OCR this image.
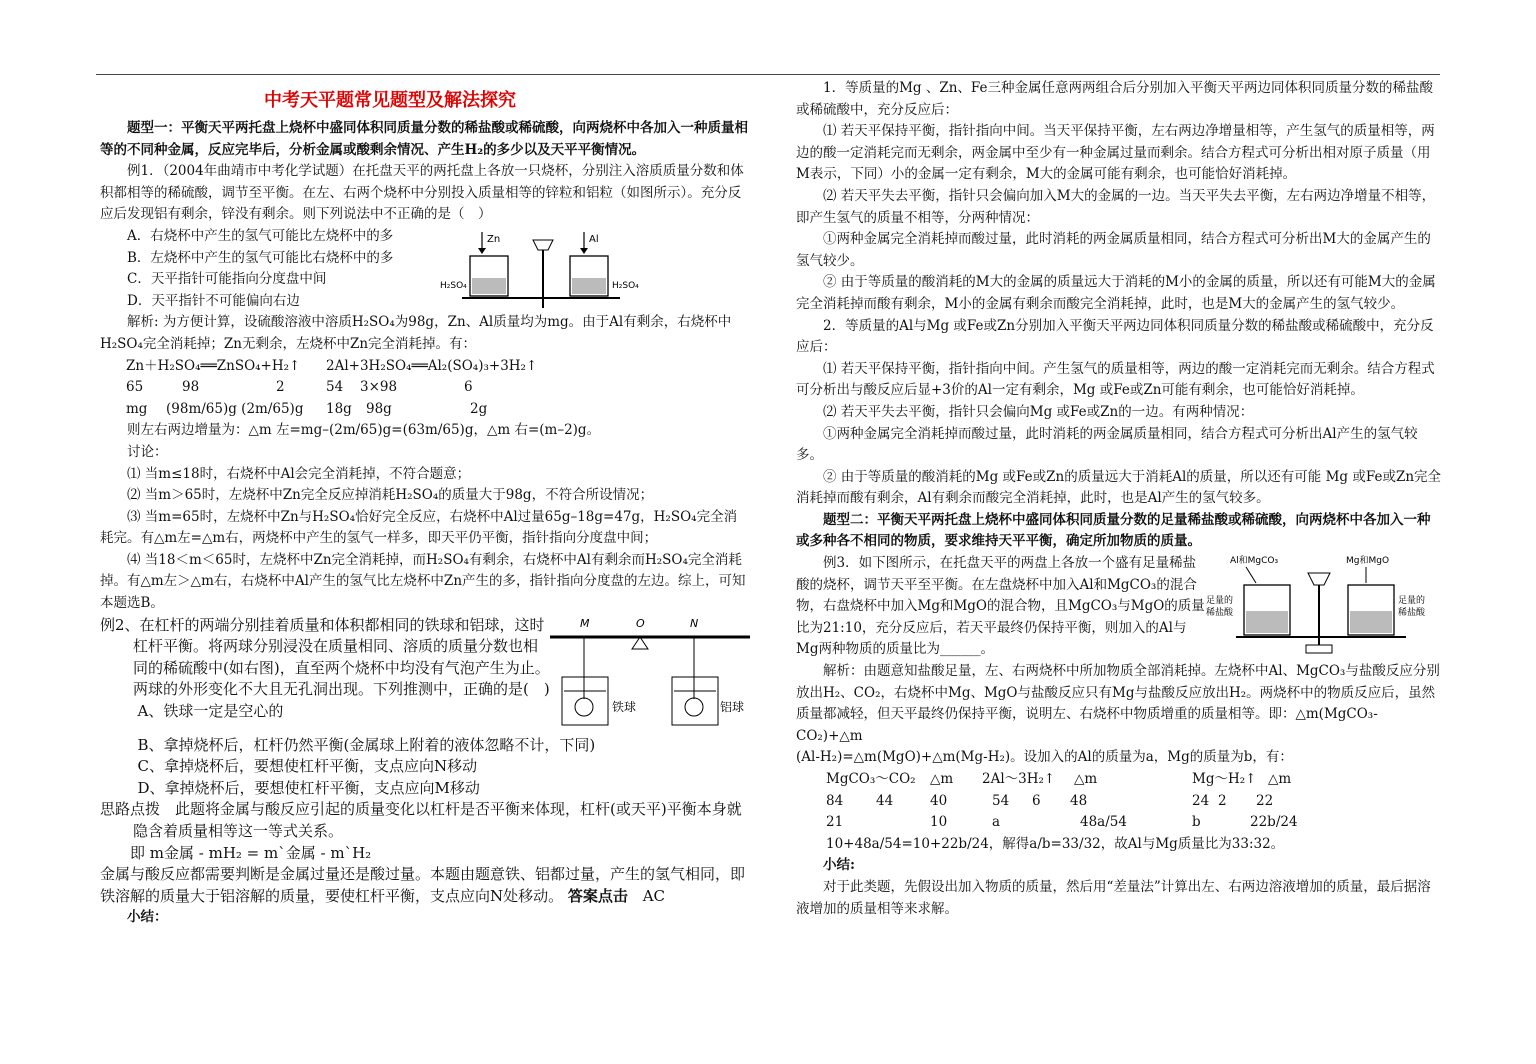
中考天平题常见题型及解法探究

题型一：平衡天平两托盘上烧杯中盛同体积同质量分数的稀盐酸或稀硫酸，向两烧杯中各加入一种质量相等的不同种金属，反应完毕后，分析金属或酸剩余情况、产生H₂的多少以及天平平衡情况。

例1．（2004年曲靖市中考化学试题）在托盘天平的两托盘上各放一只烧杯，分别注入溶质质量分数和体积都相等的稀硫酸，调节至平衡。在左、右两个烧杯中分别投入质量相等的锌粒和铝粒（如图所示）。充分反应后发现铝有剩余，锌没有剩余。则下列说法中不正确的是（　）

A．右烧杯中产生的氢气可能比左烧杯中的多

B．左烧杯中产生的氢气可能比右烧杯中的多

C．天平指针可能指向分度盘中间

D．天平指针不可能偏向右边

Zn	Al
H₂SO₄	H₂SO₄

解析: 为方便计算，设硫酸溶液中溶质H₂SO₄为98g，Zn、Al质量均为mg。由于Al有剩余，右烧杯中H₂SO₄完全消耗掉；Zn无剩余，左烧杯中Zn完全消耗掉。有：

Zn＋H₂SO₄══ZnSO₄+H₂↑	2Al+3H₂SO₄══Al₂(SO₄)₃+3H₂↑
65	98	2	54	3×98	6
mg	(98m/65)g (2m/65)g	18g	98g	2g

则左右两边增量为：△m 左=mg–(2m/65)g=(63m/65)g，△m 右=(m–2)g。

讨论：

⑴ 当m≤18时，右烧杯中Al会完全消耗掉，不符合题意；

⑵ 当m＞65时，左烧杯中Zn完全反应掉消耗H₂SO₄的质量大于98g，不符合所设情况；

⑶ 当m=65时，左烧杯中Zn与H₂SO₄恰好完全反应，右烧杯中Al过量65g–18g=47g，H₂SO₄完全消耗完。有△m左=△m右，两烧杯中产生的氢气一样多，即天平仍平衡，指针指向分度盘中间；

⑷ 当18＜m＜65时，左烧杯中Zn完全消耗掉，而H₂SO₄有剩余，右烧杯中Al有剩余而H₂SO₄完全消耗掉。有△m左＞△m右，右烧杯中Al产生的氢气比左烧杯中Zn产生的多，指针指向分度盘的左边。综上，可知本题选B。

例2、在杠杆的两端分别挂着质量和体积都相同的铁球和铝球，这时杠杆平衡。将两球分别浸没在质量相同、溶质的质量分数也相同的稀硫酸中(如右图)，直至两个烧杯中均没有气泡产生为止。两球的外形变化不大且无孔洞出现。下列推测中，正确的是(　)

A、铁球一定是空心的

M	O	N
铁球	铝球

B、拿掉烧杯后，杠杆仍然平衡(金属球上附着的液体忽略不计，下同)

C、拿掉烧杯后，要想使杠杆平衡，支点应向N移动

D、拿掉烧杯后，要想使杠杆平衡，支点应向M移动

思路点拨　此题将金属与酸反应引起的质量变化以杠杆是否平衡来体现，杠杆(或天平)平衡本身就隐含着质量相等这一等式关系。

即 m金属 - mH₂ = m`金属 - m`H₂

金属与酸反应都需要判断是金属过量还是酸过量。本题由题意铁、铝都过量，产生的氢气相同，即铁溶解的质量大于铝溶解的质量，要使杠杆平衡，支点应向N处移动。 答案点击 AC

小结：

1．等质量的Mg 、Zn、Fe三种金属任意两两组合后分别加入平衡天平两边同体积同质量分数的稀盐酸或稀硫酸中，充分反应后：

⑴ 若天平保持平衡，指针指向中间。当天平保持平衡，左右两边净增量相等，产生氢气的质量相等，两边的酸一定消耗完而无剩余，两金属中至少有一种金属过量而剩余。结合方程式可分析出相对原子质量（用M表示，下同）小的金属一定有剩余，M大的金属可能有剩余，也可能恰好消耗掉。

⑵ 若天平失去平衡，指针只会偏向加入M大的金属的一边。当天平失去平衡，左右两边净增量不相等，即产生氢气的质量不相等，分两种情况：

①两种金属完全消耗掉而酸过量，此时消耗的两金属质量相同，结合方程式可分析出M大的金属产生的氢气较少。

② 由于等质量的酸消耗的M大的金属的质量远大于消耗的M小的金属的质量，所以还有可能M大的金属完全消耗掉而酸有剩余，M小的金属有剩余而酸完全消耗掉，此时，也是M大的金属产生的氢气较少。

2．等质量的Al与Mg 或Fe或Zn分别加入平衡天平两边同体积同质量分数的稀盐酸或稀硫酸中，充分反应后：

⑴ 若天平保持平衡，指针指向中间。产生氢气的质量相等，两边的酸一定消耗完而无剩余。结合方程式可分析出与酸反应后显+3价的Al一定有剩余，Mg 或Fe或Zn可能有剩余，也可能恰好消耗掉。

⑵ 若天平失去平衡，指针只会偏向Mg 或Fe或Zn的一边。有两种情况：

①两种金属完全消耗掉而酸过量，此时消耗的两金属质量相同，结合方程式可分析出Al产生的氢气较多。

② 由于等质量的酸消耗的Mg 或Fe或Zn的质量远大于消耗Al的质量，所以还有可能 Mg 或Fe或Zn完全消耗掉而酸有剩余，Al有剩余而酸完全消耗掉，此时，也是Al产生的氢气较多。

题型二：平衡天平两托盘上烧杯中盛同体积同质量分数的足量稀盐酸或稀硫酸，向两烧杯中各加入一种或多种各不相同的物质，要求维持天平平衡，确定所加物质的质量。

例3．如下图所示，在托盘天平的两盘上各放一个盛有足量稀盐酸的烧杯，调节天平至平衡。在左盘烧杯中加入Al和MgCO₃的混合物，右盘烧杯中加入Mg和MgO的混合物，且MgCO₃与MgO的质量比为21:10，充分反应后，若天平最终仍保持平衡，则加入的Al与Mg两种物质的质量比为______。

Al和MgCO₃	Mg和MgO
足量的
稀盐酸
足量的
稀盐酸

解析：由题意知盐酸足量，左、右两烧杯中所加物质全部消耗掉。左烧杯中Al、MgCO₃与盐酸反应分别放出H₂、CO₂，右烧杯中Mg、MgO与盐酸反应只有Mg与盐酸反应放出H₂。两烧杯中的物质反应后，虽然质量都减轻，但天平最终仍保持平衡，说明左、右烧杯中物质增重的质量相等。即：△m(MgCO₃-CO₂)+△m

(Al-H₂)=△m(MgO)+△m(Mg-H₂)。设加入的Al的质量为a，Mg的质量为b，有：

MgCO₃～CO₂	△m	2Al～3H₂↑	△m	Mg～H₂↑ △m
84	44	40	54	6	48	24 2	22
21	10	a	48a/54	b	22b/24

10+48a/54=10+22b/24，解得a/b=33/32，故Al与Mg质量比为33:32。

小结:

对于此类题，先假设出加入物质的质量，然后用“差量法”计算出左、右两边溶液增加的质量，最后据溶液增加的质量相等来求解。
